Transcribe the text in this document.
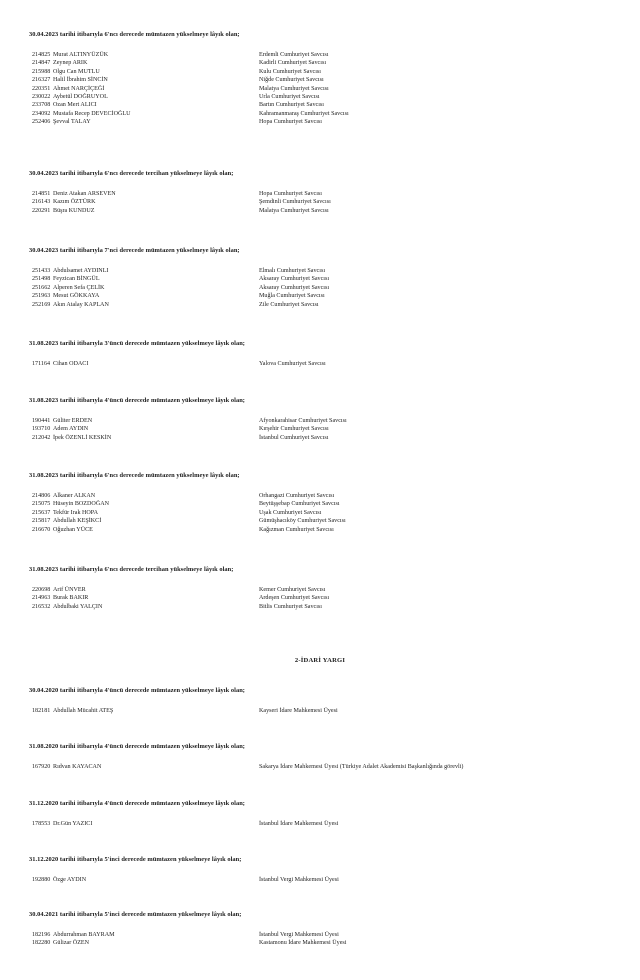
30.04.2023 tarihi itibarıyla 6'ncı derecede mümtazen yükselmeye lâyık olan;
214825 Murat ALTINYÜZÜK	Erdemli Cumhuriyet Savcısı
214847 Zeynep ARIK	Kadirli Cumhuriyet Savcısı
215988 Olgu Can MUTLU	Kulu Cumhuriyet Savcısı
216327 Halil İbrahim SİNCİN	Niğde Cumhuriyet Savcısı
220351 Ahmet NARÇİÇEĞİ	Malatya Cumhuriyet Savcısı
230022 Aybetül DOĞRUYOL	Urla Cumhuriyet Savcısı
233708 Ozan Mert ALICI	Bartın Cumhuriyet Savcısı
234092 Mustafa Recep DEVECİOĞLU	Kahramanmaraş Cumhuriyet Savcısı
252406 Şevval TALAY	Hopa Cumhuriyet Savcısı
30.04.2023 tarihi itibarıyla 6'ncı derecede tercihan yükselmeye lâyık olan;
214851 Deniz Atakan ARSEVEN	Hopa Cumhuriyet Savcısı
216143 Kazım ÖZTÜRK	Şemdinli Cumhuriyet Savcısı
220291 Büşra KUNDUZ	Malatya Cumhuriyet Savcısı
30.04.2023 tarihi itibarıyla 7'nci derecede mümtazen yükselmeye lâyık olan;
251433 Abdulsamet AYDINLI	Elmalı Cumhuriyet Savcısı
251498 Feyzican BİNGÜL	Aksaray Cumhuriyet Savcısı
251662 Alperen Sefa ÇELİK	Aksaray Cumhuriyet Savcısı
251963 Mesut GÖKKAYA	Muğla Cumhuriyet Savcısı
252169 Akın Atalay KAPLAN	Zile Cumhuriyet Savcısı
31.08.2023 tarihi itibarıyla 3'üncü derecede mümtazen yükselmeye lâyık olan;
171164 Cihan ODACI	Yalova Cumhuriyet Savcısı
31.08.2023 tarihi itibarıyla 4'üncü derecede mümtazen yükselmeye lâyık olan;
190441 Güliter ERDEN	Afyonkarahisar Cumhuriyet Savcısı
193710 Adem AYDIN	Kırşehir Cumhuriyet Savcısı
212042 İpek ÖZENLİ KESKİN	İstanbul Cumhuriyet Savcısı
31.08.2023 tarihi itibarıyla 6'ncı derecede mümtazen yükselmeye lâyık olan;
214806 Alkaner ALKAN	Orhangazi Cumhuriyet Savcısı
215075 Hüseyin BOZDOĞAN	Beytüşşebap Cumhuriyet Savcısı
215637 Tekfür Irak HOPA	Uşak Cumhuriyet Savcısı
215817 Abdullah KEŞİKCİ	Gümüşhacıköy Cumhuriyet Savcısı
216670 Oğuzhan YÜCE	Kağızman Cumhuriyet Savcısı
31.08.2023 tarihi itibarıyla 6'ncı derecede tercihan yükselmeye lâyık olan;
220698 Arif ÜNVER	Kemer Cumhuriyet Savcısı
214963 Burak BAKIR	Ardeşen Cumhuriyet Savcısı
216532 Abdulbaki YALÇIN	Bitlis Cumhuriyet Savcısı
2-İDARİ YARGI
30.04.2020 tarihi itibarıyla 4'üncü derecede mümtazen yükselmeye lâyık olan;
182181 Abdullah Mücahit ATEŞ	Kayseri İdare Mahkemesi Üyesi
31.08.2020 tarihi itibarıyla 4'üncü derecede mümtazen yükselmeye lâyık olan;
167920 Rıdvan KAYACAN	Sakarya İdare Mahkemesi Üyesi (Türkiye Adalet Akademisi Başkanlığında görevli)
31.12.2020 tarihi itibarıyla 4'üncü derecede mümtazen yükselmeye lâyık olan;
178553 Dr.Gün YAZICI	İstanbul İdare Mahkemesi Üyesi
31.12.2020 tarihi itibarıyla 5'inci derecede mümtazen yükselmeye lâyık olan;
192880 Özge AYDIN	İstanbul Vergi Mahkemesi Üyesi
30.04.2021 tarihi itibarıyla 5'inci derecede mümtazen yükselmeye lâyık olan;
182196 Abdurrahman BAYRAM	İstanbul Vergi Mahkemesi Üyesi
182280 Gülizar ÖZEN	Kastamonu İdare Mahkemesi Üyesi
